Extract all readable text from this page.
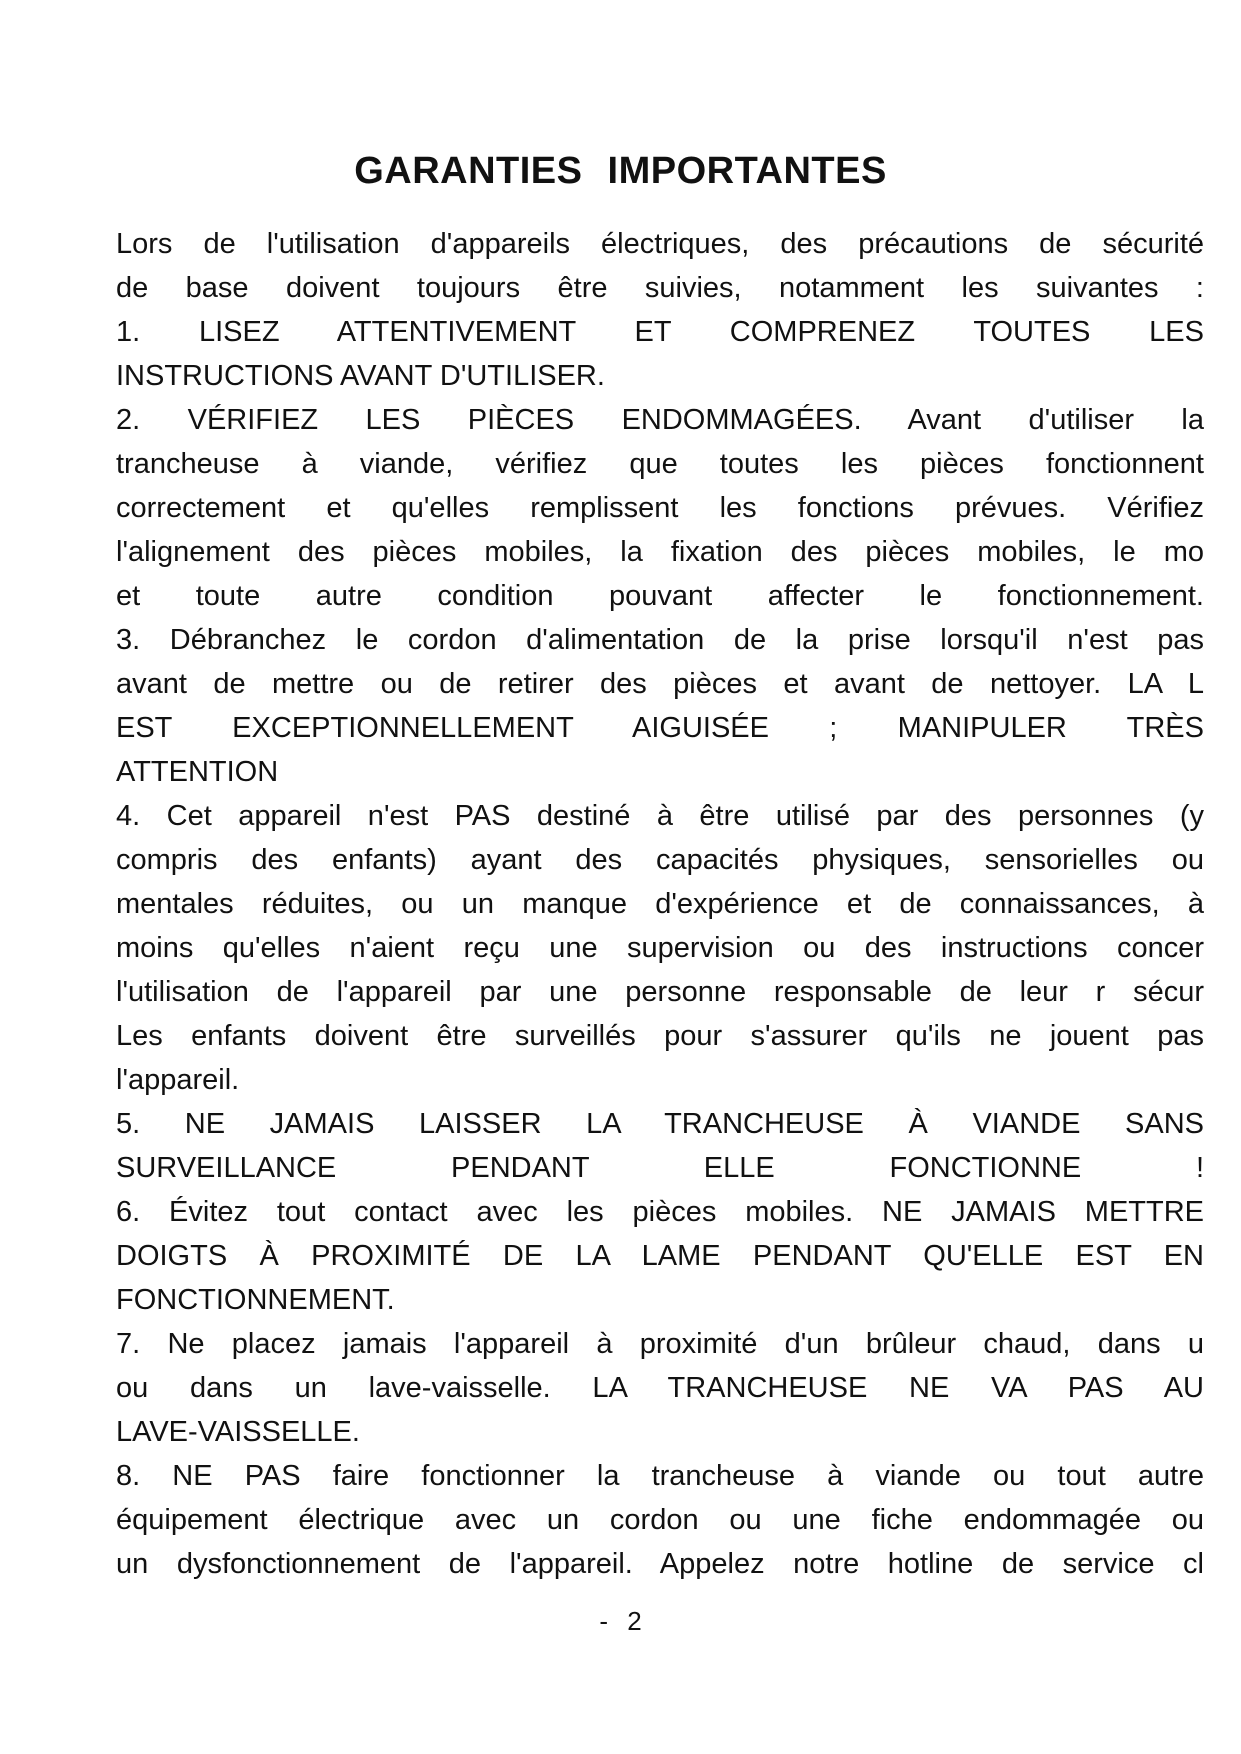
GARANTIES IMPORTANTES
Lors de l'utilisation d'appareils électriques, des précautions de sécurité
de base doivent toujours être suivies, notamment les suivantes :
1. LISEZ ATTENTIVEMENT ET COMPRENEZ TOUTES LES
INSTRUCTIONS AVANT D'UTILISER.
2. VÉRIFIEZ LES PIÈCES ENDOMMAGÉES. Avant d'utiliser la
trancheuse à viande, vérifiez que toutes les pièces fonctionnent
correctement et qu'elles remplissent les fonctions prévues. Vérifiez
l'alignement des pièces mobiles, la fixation des pièces mobiles, le mo
et toute autre condition pouvant affecter le fonctionnement.
3. Débranchez le cordon d'alimentation de la prise lorsqu'il n'est pas
avant de mettre ou de retirer des pièces et avant de nettoyer. LA L
EST EXCEPTIONNELLEMENT AIGUISÉE ; MANIPULER TRÈS
ATTENTION
4. Cet appareil n'est PAS destiné à être utilisé par des personnes (y
compris des enfants) ayant des capacités physiques, sensorielles ou
mentales réduites, ou un manque d'expérience et de connaissances, à
moins qu'elles n'aient reçu une supervision ou des instructions concer
l'utilisation de l'appareil par une personne responsable de leur r sécur
Les enfants doivent être surveillés pour s'assurer qu'ils ne jouent pas
l'appareil.
5. NE JAMAIS LAISSER LA TRANCHEUSE À VIANDE SANS
SURVEILLANCE PENDANT ELLE FONCTIONNE !
6. Évitez tout contact avec les pièces mobiles. NE JAMAIS METTRE
DOIGTS À PROXIMITÉ DE LA LAME PENDANT QU'ELLE EST EN
FONCTIONNEMENT.
7. Ne placez jamais l'appareil à proximité d'un brûleur chaud, dans u
ou dans un lave-vaisselle. LA TRANCHEUSE NE VA PAS AU
LAVE-VAISSELLE.
8. NE PAS faire fonctionner la trancheuse à viande ou tout autre
équipement électrique avec un cordon ou une fiche endommagée ou
un dysfonctionnement de l'appareil. Appelez notre hotline de service cl
- 2
